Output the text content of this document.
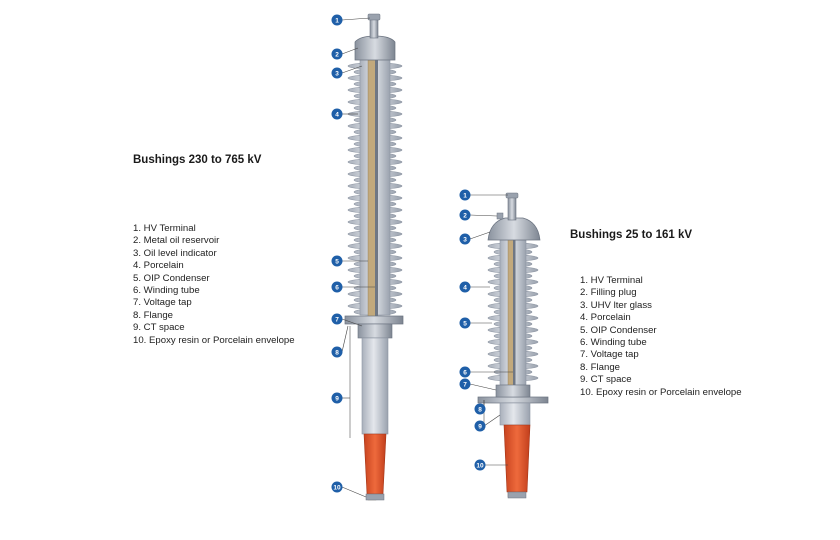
Bushings 230 to 765 kV
1. HV Terminal
2. Metal oil reservoir
3. Oil level indicator
4. Porcelain
5. OIP Condenser
6. Winding tube
7. Voltage tap
8. Flange
9. CT space
10. Epoxy resin or Porcelain envelope
Bushings 25 to 161 kV
1. HV Terminal
2. Filling plug
3. UHV lter glass
4. Porcelain
5. OIP Condenser
6. Winding tube
7. Voltage tap
8. Flange
9. CT space
10. Epoxy resin or Porcelain envelope
1
2
3
4
5
6
7
8
9
10
1
2
3
4
5
6
7
8
9
10
